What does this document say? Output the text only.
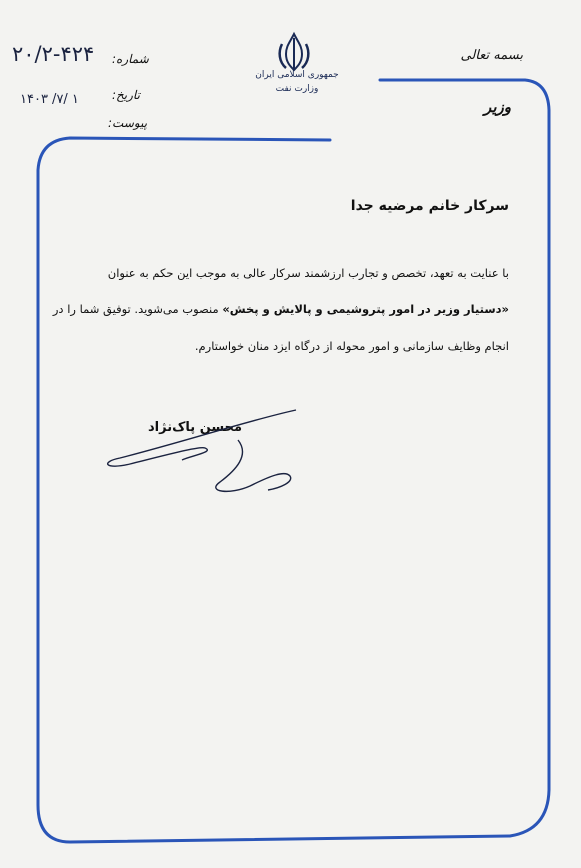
بسمه تعالی
وزیر
جمهوری اسلامی ایران
وزارت نفت
شماره:
تاریخ:
پیوست:
۲۰/۲-۴۲۴
۱۴۰۳ /۷/ ۱
سرکار خانم مرضیه جدا
با عنایت به تعهد، تخصص و تجارب ارزشمند سرکار عالی به موجب این حکم به عنوان
«دستیار وزیر در امور پتروشیمی و پالایش و پخش» منصوب می‌شوید. توفیق شما را در
انجام وظایف سازمانی و امور محوله از درگاه ایزد منان خواستارم.
محسن پاک‌نژاد
